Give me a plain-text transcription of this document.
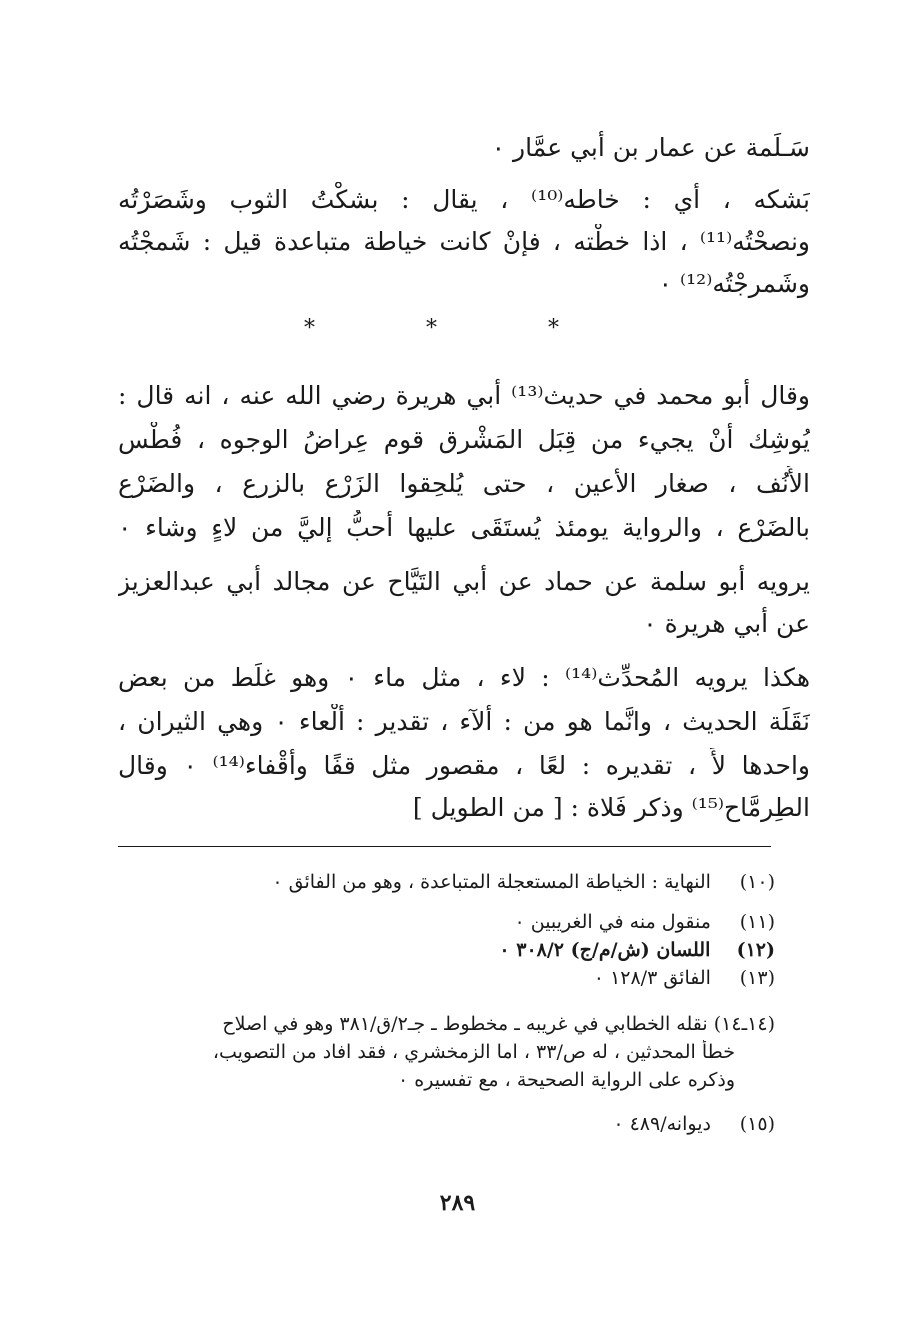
سَـلَمة عن عمار بن أبي عمَّار ٠
بَشكه ، أي : خاطه⁽¹⁰⁾ ، يقال : بشكْتُ الثوب وشَصَرْتُه
ونصحْتُه⁽¹¹⁾ ، اذا خطْته ، فإنْ كانت خياطة متباعدة قيل : شَمجْتُه
وشَمرجْتُه⁽¹²⁾ ٠
* * *
وقال أبو محمد في حديث⁽¹³⁾ أبي هريرة رضي الله عنه ، انه قال :
يُوشِك أنْ يجيء من قِبَل المَشْرق قوم عِراضُ الوجوه ، فُطْس
الأُنُف ، صغار الأعين ، حتى يُلحِقوا الزَرْع بالزرع ، والضَرْع
بالضَرْع ، والرواية يومئذ يُستَقَى عليها أحبُّ إليَّ من لاءٍ وشاء ٠
يرويه أبو سلمة عن حماد عن أبي التَيَّاح عن مجالد أبي عبدالعزيز
عن أبي هريرة ٠
هكذا يرويه المُحدِّث⁽¹⁴⁾ : لاء ، مثل ماء ٠ وهو غلَط من بعض
نَقَلَة الحديث ، وانَّما هو من : ألآء ، تقدير : ألْعاء ٠ وهي الثيران ،
واحدها لأً ، تقديره : لعًا ، مقصور مثل قفًا وأقْفاء⁽¹⁴⁾ ٠ وقال
الطِرمَّاح⁽¹⁵⁾ وذكر فَلاة : [ من الطويل ]
(١٠) النهاية : الخياطة المستعجلة المتباعدة ، وهو من الفائق ٠
(١١) منقول منه في الغريبين ٠
(١٢) اللسان (ش/م/ج) ٣٠٨/٢ ٠
(١٣) الفائق ١٢٨/٣ ٠
(١٤ـ١٤) نقله الخطابي في غريبه ـ مخطوط ـ جـ٢/ق/٣٨١ وهو في اصلاح
خطأ المحدثين ، له ص/٣٣ ، اما الزمخشري ، فقد افاد من التصويب،
وذكره على الرواية الصحيحة ، مع تفسيره ٠
(١٥) ديوانه/٤٨٩ ٠
٢٨٩
